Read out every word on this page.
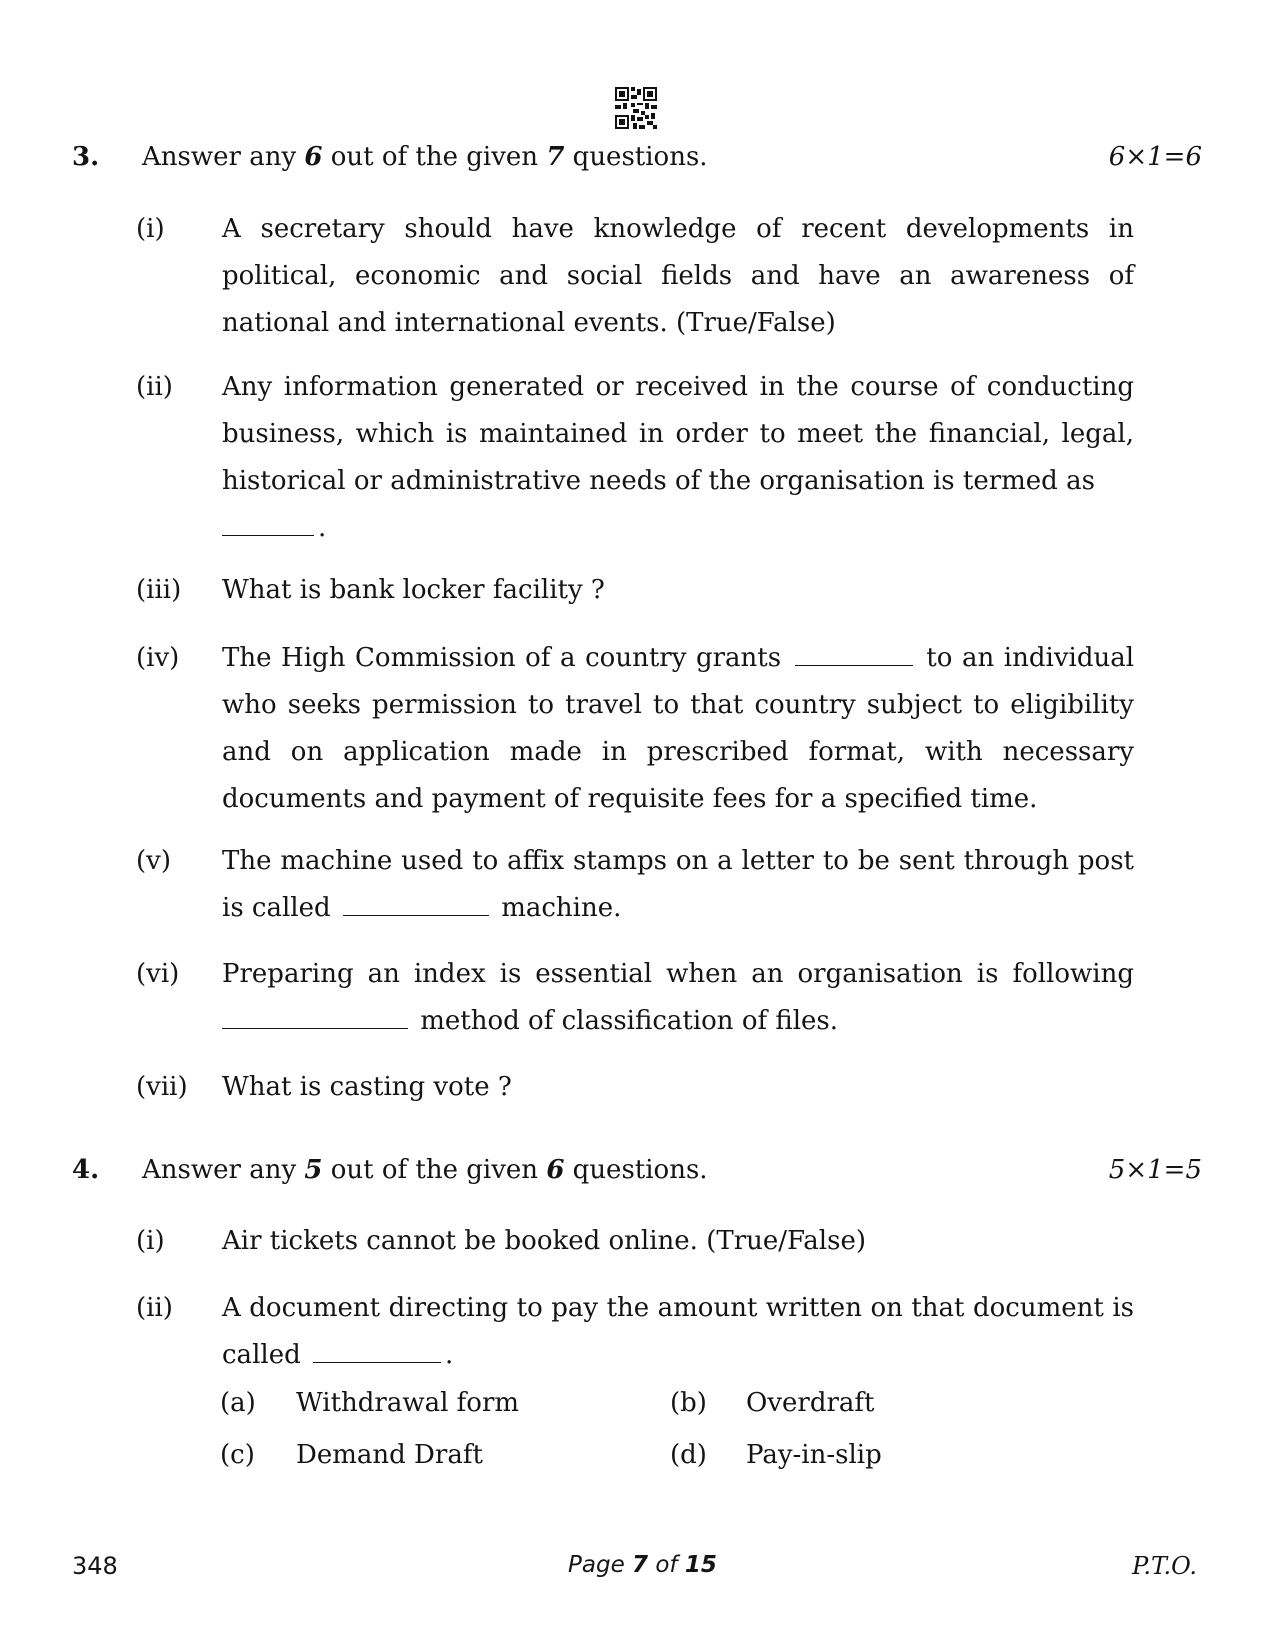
3. Answer any 6 out of the given 7 questions.	6×1=6
(i) A secretary should have knowledge of recent developments in political, economic and social fields and have an awareness of national and international events. (True/False)
(ii) Any information generated or received in the course of conducting business, which is maintained in order to meet the financial, legal, historical or administrative needs of the organisation is termed as
.
(iii) What is bank locker facility ?
(iv) The High Commission of a country grants	to an individual who seeks permission to travel to that country subject to eligibility and on application made in prescribed format, with necessary documents and payment of requisite fees for a specified time.
(v) The machine used to affix stamps on a letter to be sent through post is called	machine.
(vi) Preparing an index is essential when an organisation is following  method of classification of files.
(vii) What is casting vote ?
4. Answer any 5 out of the given 6 questions.	5×1=5
(i) Air tickets cannot be booked online. (True/False)
(ii) A document directing to pay the amount written on that document is called	.
(a) Withdrawal form	(b) Overdraft
(c) Demand Draft	(d) Pay-in-slip
348	Page 7 of 15	P.T.O.
